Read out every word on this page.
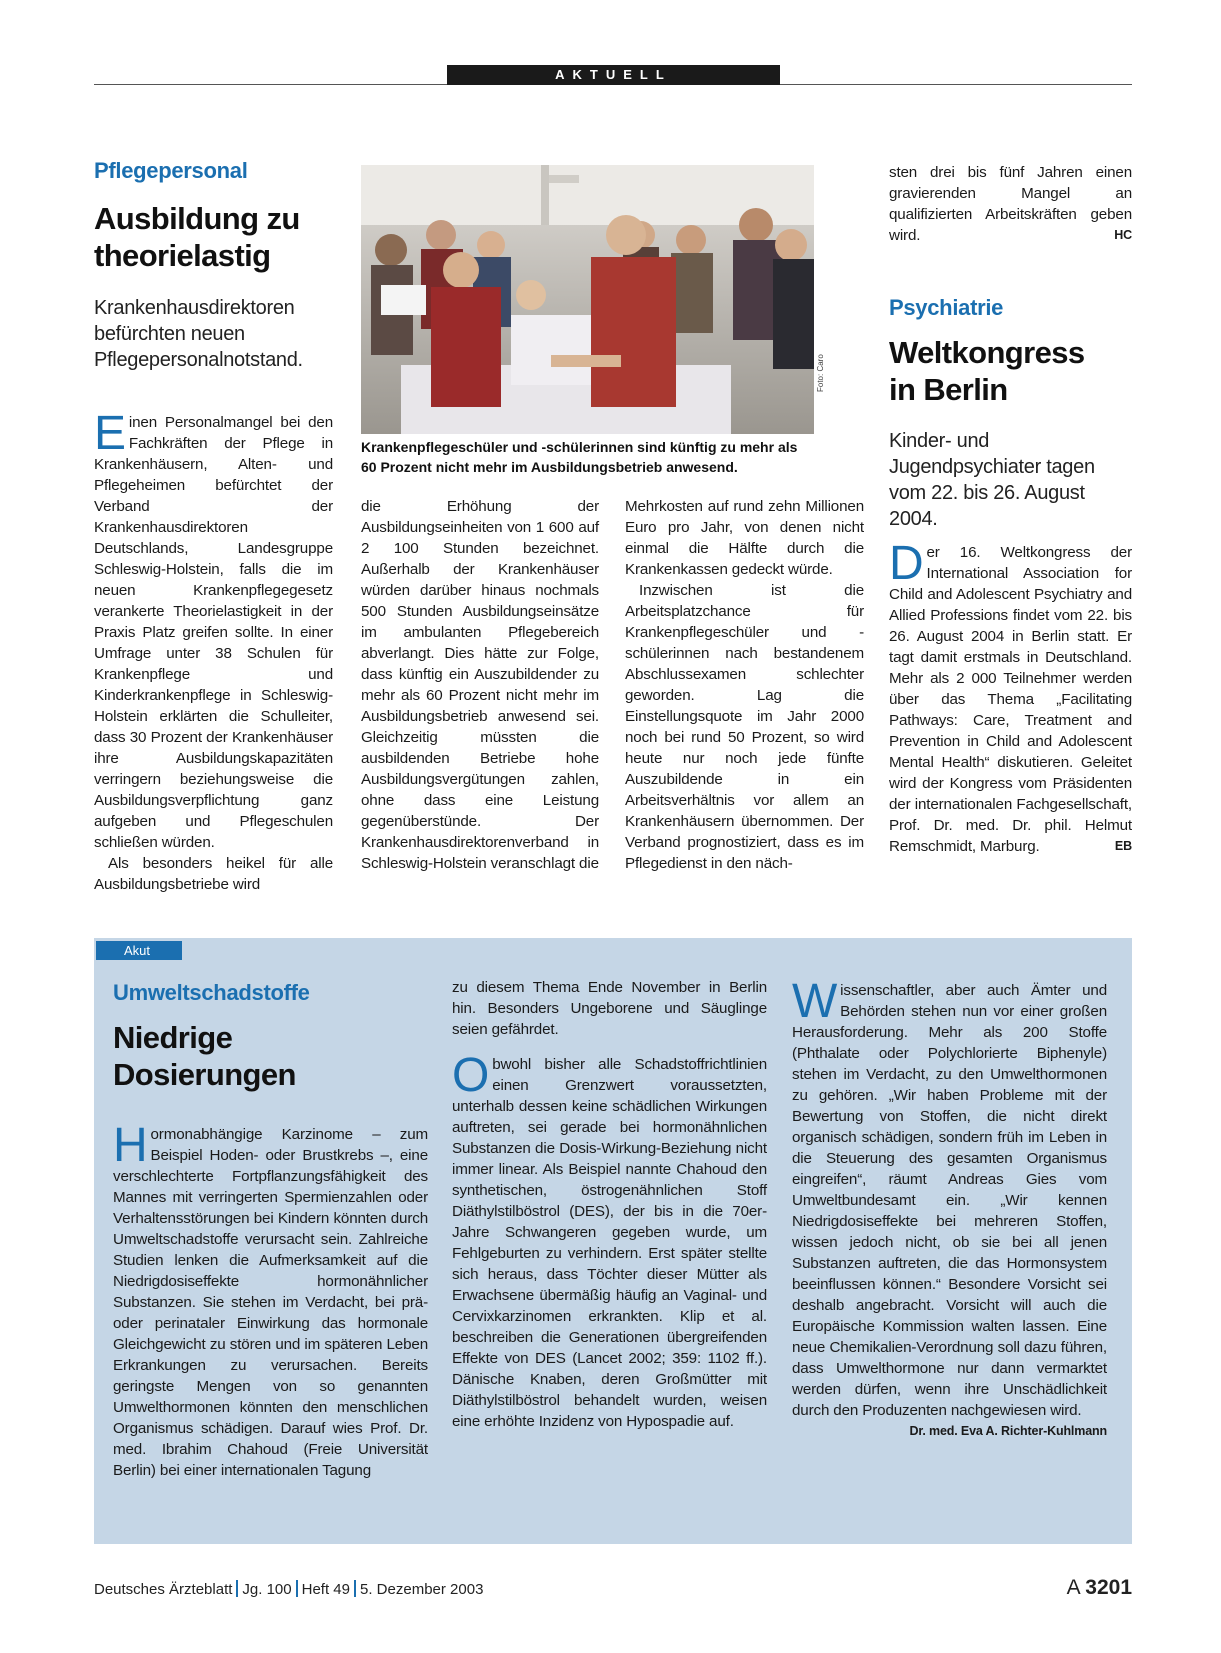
AKTUELL
Pflegepersonal
Ausbildung zu
theorielastig
Krankenhausdirektoren befürchten neuen Pflegepersonalnotstand.	Foto: Caro
Krankenpflegeschüler und -schülerinnen sind künftig zu mehr als 60 Prozent nicht mehr im Ausbildungsbetrieb anwesend.

Einen Personalmangel bei den Fachkräften der Pflege in Krankenhäusern, Alten- und Pflegeheimen befürchtet der Verband der Krankenhausdirektoren Deutschlands, Landesgruppe Schleswig-Holstein, falls die im neuen Krankenpflegegesetz verankerte Theorielastigkeit in der Praxis Platz greifen sollte. In einer Umfrage unter 38 Schulen für Krankenpflege und Kinderkrankenpflege in Schleswig-Holstein erklärten die Schulleiter, dass 30 Prozent der Krankenhäuser ihre Ausbildungskapazitäten verringern beziehungsweise die Ausbildungsverpflichtung ganz aufgeben und Pflegeschulen schließen würden.

Als besonders heikel für alle Ausbildungsbetriebe wird

die Erhöhung der Ausbildungseinheiten von 1 600 auf 2 100 Stunden bezeichnet. Außerhalb der Krankenhäuser würden darüber hinaus nochmals 500 Stunden Ausbildungseinsätze im ambulanten Pflegebereich abverlangt. Dies hätte zur Folge, dass künftig ein Auszubildender zu mehr als 60 Prozent nicht mehr im Ausbildungsbetrieb anwesend sei. Gleichzeitig müssten die ausbildenden Betriebe hohe Ausbildungsvergütungen zahlen, ohne dass eine Leistung gegenüberstünde. Der Krankenhausdirektorenverband in Schleswig-Holstein veranschlagt die

Mehrkosten auf rund zehn Millionen Euro pro Jahr, von denen nicht einmal die Hälfte durch die Krankenkassen gedeckt würde.

Inzwischen ist die Arbeitsplatzchance für Krankenpflegeschüler und -schülerinnen nach bestandenem Abschlussexamen schlechter geworden. Lag die Einstellungsquote im Jahr 2000 noch bei rund 50 Prozent, so wird heute nur noch jede fünfte Auszubildende in ein Arbeitsverhältnis vor allem an Krankenhäusern übernommen. Der Verband prognostiziert, dass es im Pflegedienst in den näch-

sten drei bis fünf Jahren einen gravierenden Mangel an qualifizierten Arbeitskräften geben wird.	HC

Psychiatrie
Weltkongress
in Berlin
Kinder- und Jugendpsychiater tagen vom 22. bis 26. August 2004.

Der 16. Weltkongress der International Association for Child and Adolescent Psychiatry and Allied Professions findet vom 22. bis 26. August 2004 in Berlin statt. Er tagt damit erstmals in Deutschland. Mehr als 2 000 Teilnehmer werden über das Thema „Facilitating Pathways: Care, Treatment and Prevention in Child and Adolescent Mental Health“ diskutieren. Geleitet wird der Kongress vom Präsidenten der internationalen Fachgesellschaft, Prof. Dr. med. Dr. phil. Helmut Remschmidt, Marburg.	EB

Akut
Umweltschadstoffe
Niedrige
Dosierungen

Hormonabhängige Karzinome – zum Beispiel Hoden- oder Brustkrebs –, eine verschlechterte Fortpflanzungsfähigkeit des Mannes mit verringerten Spermienzahlen oder Verhaltensstörungen bei Kindern könnten durch Umweltschadstoffe verursacht sein. Zahlreiche Studien lenken die Aufmerksamkeit auf die Niedrigdosiseffekte hormonähnlicher Substanzen. Sie stehen im Verdacht, bei prä- oder perinataler Einwirkung das hormonale Gleichgewicht zu stören und im späteren Leben Erkrankungen zu verursachen. Bereits geringste Mengen von so genannten Umwelthormonen könnten den menschlichen Organismus schädigen. Darauf wies Prof. Dr. med. Ibrahim Chahoud (Freie Universität Berlin) bei einer internationalen Tagung

zu diesem Thema Ende November in Berlin hin. Besonders Ungeborene und Säuglinge seien gefährdet.

Obwohl bisher alle Schadstoffrichtlinien einen Grenzwert voraussetzten, unterhalb dessen keine schädlichen Wirkungen auftreten, sei gerade bei hormonähnlichen Substanzen die Dosis-Wirkung-Beziehung nicht immer linear. Als Beispiel nannte Chahoud den synthetischen, östrogenähnlichen Stoff Diäthylstilböstrol (DES), der bis in die 70er-Jahre Schwangeren gegeben wurde, um Fehlgeburten zu verhindern. Erst später stellte sich heraus, dass Töchter dieser Mütter als Erwachsene übermäßig häufig an Vaginal- und Cervixkarzinomen erkrankten. Klip et al. beschreiben die Generationen übergreifenden Effekte von DES (Lancet 2002; 359: 1102 ff.). Dänische Knaben, deren Großmütter mit Diäthylstilböstrol behandelt wurden, weisen eine erhöhte Inzidenz von Hypospadie auf.

Wissenschaftler, aber auch Ämter und Behörden stehen nun vor einer großen Herausforderung. Mehr als 200 Stoffe (Phthalate oder Polychlorierte Biphenyle) stehen im Verdacht, zu den Umwelthormonen zu gehören. „Wir haben Probleme mit der Bewertung von Stoffen, die nicht direkt organisch schädigen, sondern früh im Leben in die Steuerung des gesamten Organismus eingreifen“, räumt Andreas Gies vom Umweltbundesamt ein. „Wir kennen Niedrigdosiseffekte bei mehreren Stoffen, wissen jedoch nicht, ob sie bei all jenen Substanzen auftreten, die das Hormonsystem beeinflussen können.“ Besondere Vorsicht sei deshalb angebracht. Vorsicht will auch die Europäische Kommission walten lassen. Eine neue Chemikalien-Verordnung soll dazu führen, dass Umwelthormone nur dann vermarktet werden dürfen, wenn ihre Unschädlichkeit durch den Produzenten nachgewiesen wird.
Dr. med. Eva A. Richter-Kuhlmann

Deutsches Ärzteblatt Jg. 100 Heft 49 5. Dezember 2003	A 3201
